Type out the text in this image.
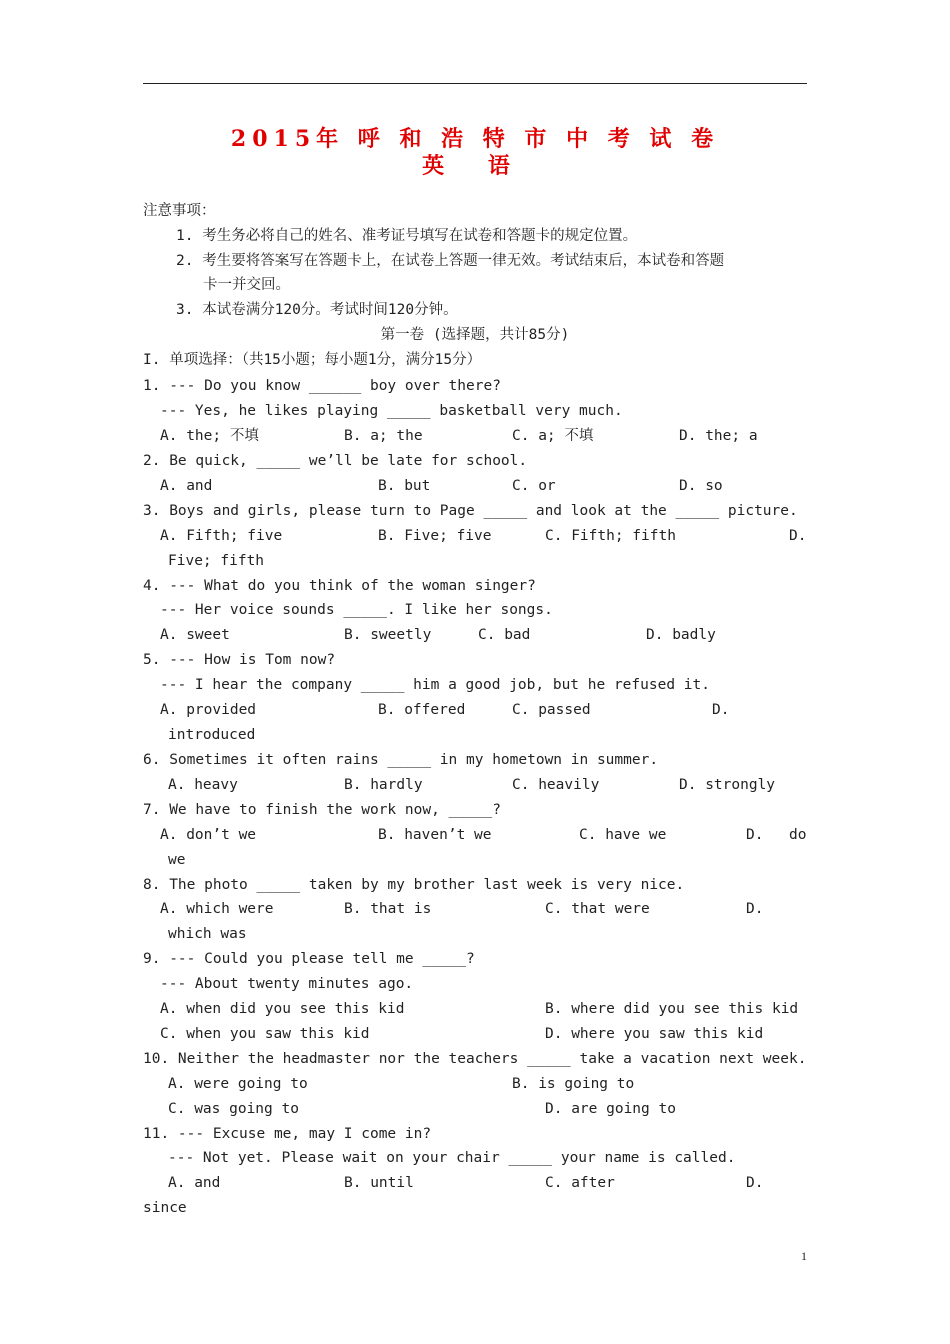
2015年 呼 和 浩 特 市 中 考 试 卷
英 语
注意事项：
1. 考生务必将自己的姓名、准考证号填写在试卷和答题卡的规定位置。
2. 考生要将答案写在答题卡上，在试卷上答题一律无效。考试结束后，本试卷和答题
卡一并交回。
3. 本试卷满分120分。考试时间120分钟。
第一卷 (选择题，共计85分)
I. 单项选择：（共15小题；每小题1分，满分15分）
1. --- Do you know ______ boy over there?
--- Yes, he likes playing _____ basketball very much.
A. the; 不填	B. a; the	C. a; 不填	D. the; a
2. Be quick, _____ we’ll be late for school.
A. and	B. but	C. or	D. so
3. Boys and girls, please turn to Page _____ and look at the _____ picture.
A. Fifth; five	B. Five; five	C. Fifth; fifth	D.
Five; fifth
4. --- What do you think of the woman singer?
--- Her voice sounds _____. I like her songs.
A. sweet	B. sweetly	C. bad	D. badly
5. --- How is Tom now?
--- I hear the company _____ him a good job, but he refused it.
A. provided	B. offered	C. passed	D.
introduced
6. Sometimes it often rains _____ in my hometown in summer.
A. heavy	B. hardly	C. heavily	D. strongly
7. We have to finish the work now, _____?
A. don’t we	B. haven’t we	C. have we	D. do
we
8. The photo _____ taken by my brother last week is very nice.
A. which were	B. that is	C. that were	D.
which was
9. --- Could you please tell me _____?
--- About twenty minutes ago.
A. when did you see this kid	B. where did you see this kid
C. when you saw this kid	D. where you saw this kid
10. Neither the headmaster nor the teachers _____ take a vacation next week.
A. were going to	B. is going to
C. was going to	D. are going to
11. --- Excuse me, may I come in?
--- Not yet. Please wait on your chair _____ your name is called.
A. and	B. until	C. after	D.
since
1
